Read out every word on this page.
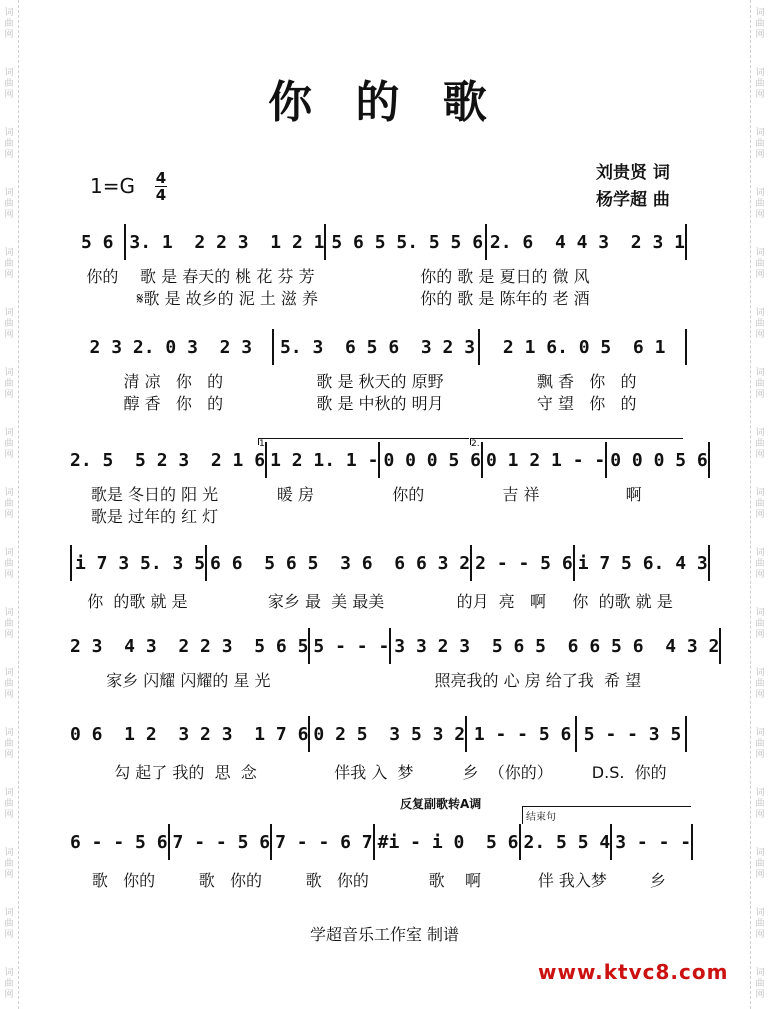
词
曲
网
词
曲
网
词
曲
网
词
曲
网
词
曲
网
词
曲
网
词
曲
网
词
曲
网
词
曲
网
词
曲
网
词
曲
网
词
曲
网
词
曲
网
词
曲
网
词
曲
网
词
曲
网
词
曲
网
词
曲
网
词
曲
网
词
曲
网
词
曲
网
词
曲
网
词
曲
网
词
曲
网
词
曲
网
词
曲
网
词
曲
网
词
曲
网
词
曲
网
词
曲
网
词
曲
网
词
曲
网
词
曲
网
词
曲
网
你 的 歌
1=G 4
4
刘贵贤 词
杨学超 曲
5 6 3. 1  2 2 3  1 2 1 5 6 5 5. 5 5 6 2. 6  4 4 3  2 3 1
你的	歌 是 春天的 桃 花 芬 芳	你的 歌 是 夏日的 微 风
𝄋歌 是 故乡的 泥 土 滋 养	你的 歌 是 陈年的 老 酒
2 3 2. 0 3  2 3	5. 3  6 5 6  3 2 3	2 1 6. 0 5  6 1
清 凉   你   的	歌 是 秋天的 原野	飘 香   你   的
醇 香   你   的	歌 是 中秋的 明月	守 望   你   的
1.	2.
2. 5  5 2 3  2 1 6 1 2 1. 1 - 0 0 0 5 6 0 1 2 1 - - 0 0 0 5 6
歌是 冬日的 阳 光	暖 房	你的	吉 祥	啊
歌是 过年的 红 灯
i 7 3 5. 3 5 6 6  5 6 5  3 6  6 6 3 2 2 - - 5 6 i 7 5 6. 4 3
你  的歌 就 是	家乡 最  美 最美	的月  亮   啊	你  的歌 就 是
2 3  4 3  2 2 3  5 6 5 5 - - - 3 3 2 3  5 6 5  6 6 5 6  4 3 2
家乡 闪耀 闪耀的 星 光	照亮我的 心 房 给了我  希 望
0 6  1 2  3 2 3  1 7 6 0 2 5  3 5 3 2 1 - - 5 6 5 - - 3 5
勾 起了 我的  思  念	伴我 入  梦	乡  （你的）	D.S.  你的
反复副歌转A调
结束句
6 - - 5 6 7 - - 5 6 7 - - 6 7 #i - i 0  5 6 2. 5 5 4 3 - - -
歌   你的	歌   你的	歌   你的	歌    啊	伴 我入梦	乡
学超音乐工作室 制谱
www.ktvc8.com
